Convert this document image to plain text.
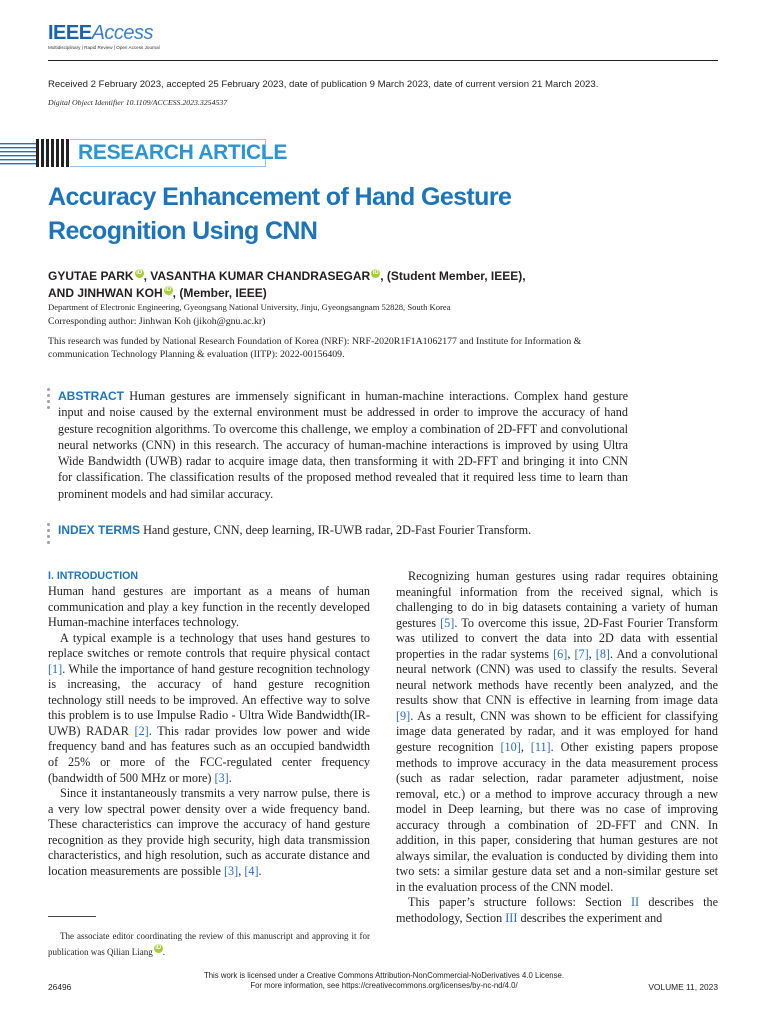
IEEEAccess
Multidisciplinary | Rapid Review | Open Access Journal
Received 2 February 2023, accepted 25 February 2023, date of publication 9 March 2023, date of current version 21 March 2023.
Digital Object Identifier 10.1109/ACCESS.2023.3254537
RESEARCH ARTICLE
Accuracy Enhancement of Hand Gesture Recognition Using CNN
GYUTAE PARK iD , VASANTHA KUMAR CHANDRASEGAR iD , (Student Member, IEEE),
AND JINHWAN KOH iD , (Member, IEEE)
Department of Electronic Engineering, Gyeongsang National University, Jinju, Gyeongsangnam 52828, South Korea
Corresponding author: Jinhwan Koh (jikoh@gnu.ac.kr)
This research was funded by National Research Foundation of Korea (NRF): NRF-2020R1F1A1062177 and Institute for Information & communication Technology Planning & evaluation (IITP): 2022-00156409.
ABSTRACT Human gestures are immensely significant in human-machine interactions. Complex hand gesture input and noise caused by the external environment must be addressed in order to improve the accuracy of hand gesture recognition algorithms. To overcome this challenge, we employ a combination of 2D-FFT and convolutional neural networks (CNN) in this research. The accuracy of human-machine interactions is improved by using Ultra Wide Bandwidth (UWB) radar to acquire image data, then transforming it with 2D-FFT and bringing it into CNN for classification. The classification results of the proposed method revealed that it required less time to learn than prominent models and had similar accuracy.
INDEX TERMS Hand gesture, CNN, deep learning, IR-UWB radar, 2D-Fast Fourier Transform.
I. INTRODUCTION

Human hand gestures are important as a means of human communication and play a key function in the recently developed Human-machine interfaces technology.

A typical example is a technology that uses hand gestures to replace switches or remote controls that require physical contact [1]. While the importance of hand gesture recognition technology is increasing, the accuracy of hand gesture recognition technology still needs to be improved. An effective way to solve this problem is to use Impulse Radio - Ultra Wide Bandwidth(IR-UWB) RADAR [2]. This radar provides low power and wide frequency band and has features such as an occupied bandwidth of 25% or more of the FCC-regulated center frequency (bandwidth of 500 MHz or more) [3].

Since it instantaneously transmits a very narrow pulse, there is a very low spectral power density over a wide frequency band. These characteristics can improve the accuracy of hand gesture recognition as they provide high security, high data transmission characteristics, and high resolution, such as accurate distance and location measurements are possible [3], [4].

The associate editor coordinating the review of this manuscript and approving it for publication was Qilian Liang iD .

Recognizing human gestures using radar requires obtaining meaningful information from the received signal, which is challenging to do in big datasets containing a variety of human gestures [5]. To overcome this issue, 2D-Fast Fourier Transform was utilized to convert the data into 2D data with essential properties in the radar systems [6], [7], [8]. And a convolutional neural network (CNN) was used to classify the results. Several neural network methods have recently been analyzed, and the results show that CNN is effective in learning from image data [9]. As a result, CNN was shown to be efficient for classifying image data generated by radar, and it was employed for hand gesture recognition [10], [11]. Other existing papers propose methods to improve accuracy in the data measurement process (such as radar selection, radar parameter adjustment, noise removal, etc.) or a method to improve accuracy through a new model in Deep learning, but there was no case of improving accuracy through a combination of 2D-FFT and CNN. In addition, in this paper, considering that human gestures are not always similar, the evaluation is conducted by dividing them into two sets: a similar gesture data set and a non-similar gesture set in the evaluation process of the CNN model.

This paper’s structure follows: Section II describes the methodology, Section III describes the experiment and

This work is licensed under a Creative Commons Attribution-NonCommercial-NoDerivatives 4.0 License.
For more information, see https://creativecommons.org/licenses/by-nc-nd/4.0/
26496	VOLUME 11, 2023
